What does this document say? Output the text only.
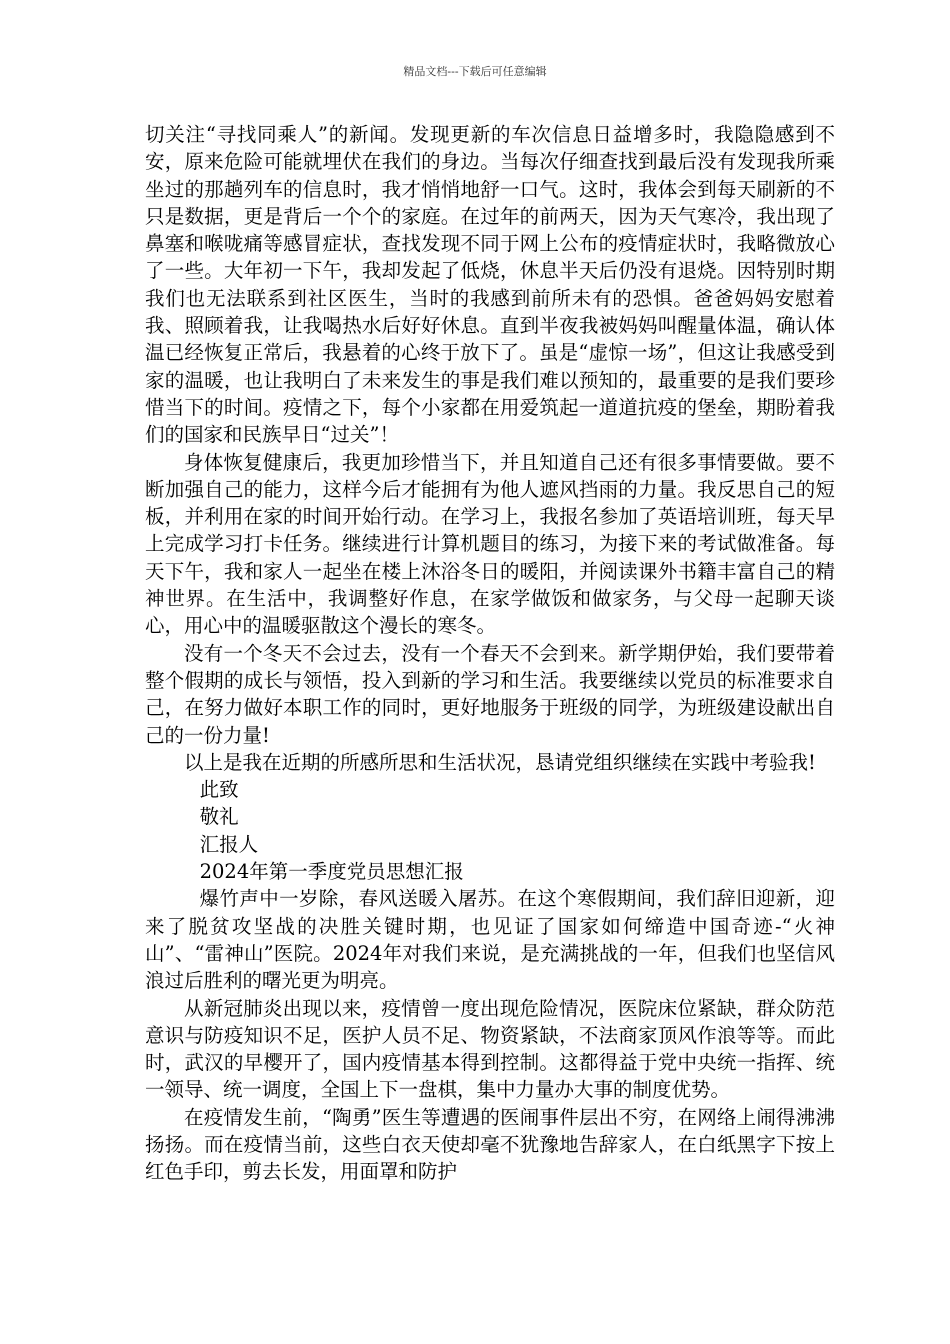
精品文档---下载后可任意编辑

切关注“寻找同乘人”的新闻。发现更新的车次信息日益增多时，我隐隐感到不安，原来危险可能就埋伏在我们的身边。当每次仔细查找到最后没有发现我所乘坐过的那趟列车的信息时，我才悄悄地舒一口气。这时，我体会到每天刷新的不只是数据，更是背后一个个的家庭。在过年的前两天，因为天气寒冷，我出现了鼻塞和喉咙痛等感冒症状，查找发现不同于网上公布的疫情症状时，我略微放心了一些。大年初一下午，我却发起了低烧，休息半天后仍没有退烧。因特别时期我们也无法联系到社区医生，当时的我感到前所未有的恐惧。爸爸妈妈安慰着我、照顾着我，让我喝热水后好好休息。直到半夜我被妈妈叫醒量体温，确认体温已经恢复正常后，我悬着的心终于放下了。虽是“虚惊一场”，但这让我感受到家的温暖，也让我明白了未来发生的事是我们难以预知的，最重要的是我们要珍惜当下的时间。疫情之下，每个小家都在用爱筑起一道道抗疫的堡垒，期盼着我们的国家和民族早日“过关”！

身体恢复健康后，我更加珍惜当下，并且知道自己还有很多事情要做。要不断加强自己的能力，这样今后才能拥有为他人遮风挡雨的力量。我反思自己的短板，并利用在家的时间开始行动。在学习上，我报名参加了英语培训班，每天早上完成学习打卡任务。继续进行计算机题目的练习，为接下来的考试做准备。每天下午，我和家人一起坐在楼上沐浴冬日的暖阳，并阅读课外书籍丰富自己的精神世界。在生活中，我调整好作息，在家学做饭和做家务，与父母一起聊天谈心，用心中的温暖驱散这个漫长的寒冬。

没有一个冬天不会过去，没有一个春天不会到来。新学期伊始，我们要带着整个假期的成长与领悟，投入到新的学习和生活。我要继续以党员的标准要求自己，在努力做好本职工作的同时，更好地服务于班级的同学，为班级建设献出自己的一份力量!

以上是我在近期的所感所思和生活状况，恳请党组织继续在实践中考验我!

此致

敬礼

汇报人

2024年第一季度党员思想汇报

爆竹声中一岁除，春风送暖入屠苏。在这个寒假期间，我们辞旧迎新，迎来了脱贫攻坚战的决胜关键时期，也见证了国家如何缔造中国奇迹-“火神山”、“雷神山”医院。2024年对我们来说，是充满挑战的一年，但我们也坚信风浪过后胜利的曙光更为明亮。

从新冠肺炎出现以来，疫情曾一度出现危险情况，医院床位紧缺，群众防范意识与防疫知识不足，医护人员不足、物资紧缺，不法商家顶风作浪等等。而此时，武汉的早樱开了，国内疫情基本得到控制。这都得益于党中央统一指挥、统一领导、统一调度，全国上下一盘棋，集中力量办大事的制度优势。

在疫情发生前，“陶勇”医生等遭遇的医闹事件层出不穷，在网络上闹得沸沸扬扬。而在疫情当前，这些白衣天使却毫不犹豫地告辞家人，在白纸黑字下按上红色手印，剪去长发，用面罩和防护
